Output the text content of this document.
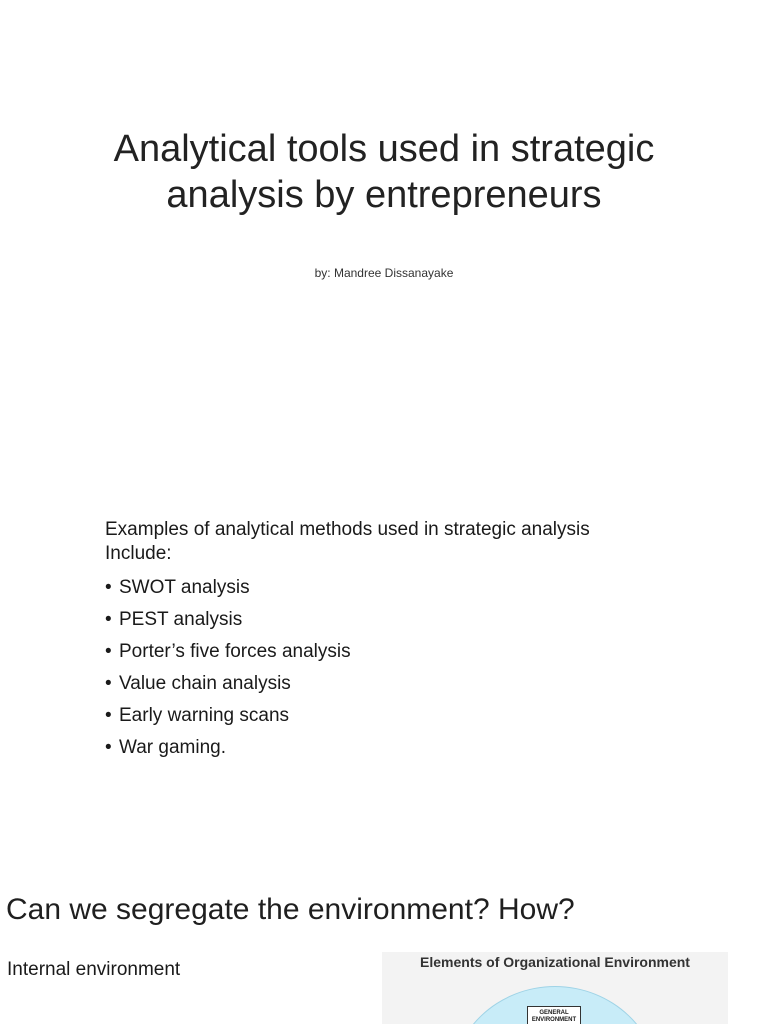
Analytical tools used in strategic
analysis by entrepreneurs
by: Mandree Dissanayake

Examples of analytical methods used in strategic analysis
Include:

• SWOT analysis
• PEST analysis
• Porter’s five forces analysis
• Value chain analysis
• Early warning scans
• War gaming.
Can we segregate the environment? How?
Internal environment	Elements of Organizational Environment
GENERAL
ENVIRONMENT
